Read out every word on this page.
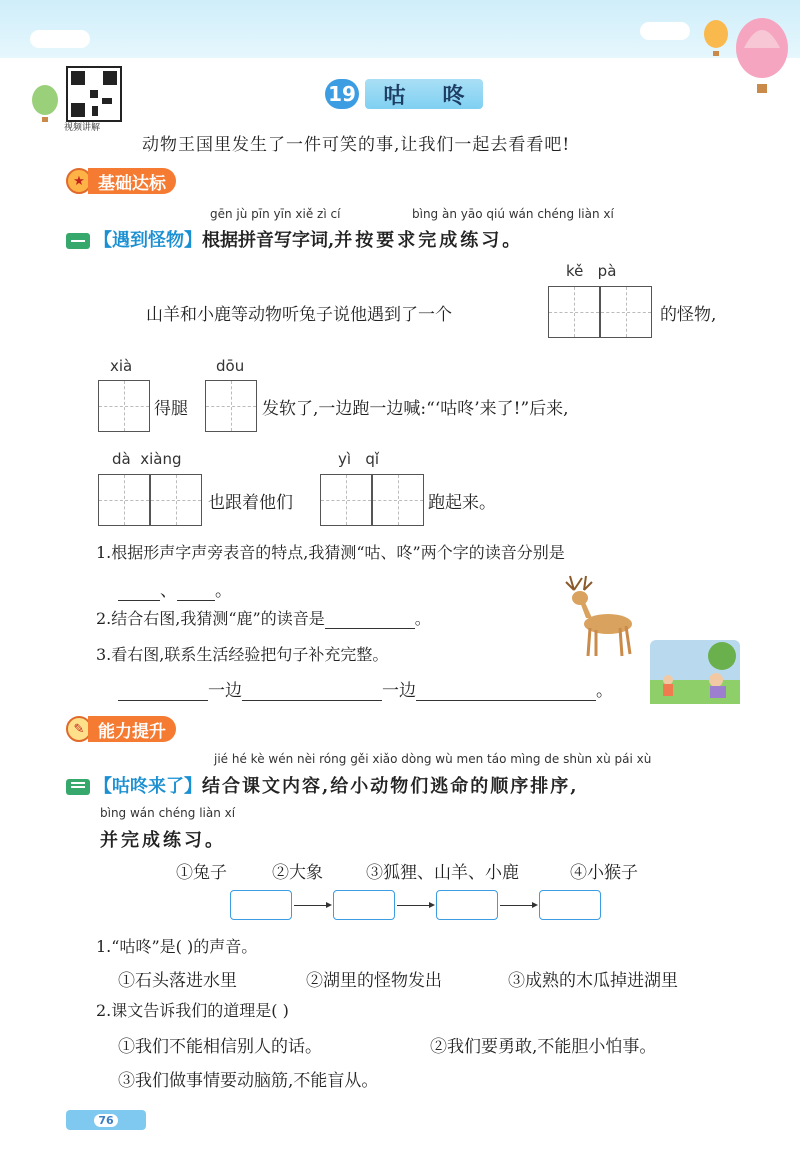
视频讲解
19 咕 咚
动物王国里发生了一件可笑的事,让我们一起去看看吧!
★ 基础达标
gēn jù pīn yīn xiě zì cí	bìng àn yāo qiú wán chéng liàn xí
【遇到怪物】根据拼音写字词,并按要求完成练习。
kě   pà
山羊和小鹿等动物听兔子说他遇到了一个	的怪物,
xià	dōu
得腿	发软了,一边跑一边喊:“‘咕咚’来了!”后来,
dà  xiàng	yì   qǐ
也跟着他们	跑起来。
1.根据形声字声旁表音的特点,我猜测“咕、咚”两个字的读音分别是
、 。
2.结合右图,我猜测“鹿”的读音是	。
3.看右图,联系生活经验把句子补充完整。
一边	一边	。
✎ 能力提升
jié hé kè wén nèi róng gěi xiǎo dòng wù men táo mìng de shùn xù pái xù
【咕咚来了】结合课文内容,给小动物们逃命的顺序排序,
bìng wán chéng liàn xí
并完成练习。
①兔子	②大象	③狐狸、山羊、小鹿	④小猴子
1.“咕咚”是( )的声音。
①石头落进水里	②湖里的怪物发出	③成熟的木瓜掉进湖里
2.课文告诉我们的道理是( )
①我们不能相信别人的话。	②我们要勇敢,不能胆小怕事。
③我们做事情要动脑筋,不能盲从。
76
